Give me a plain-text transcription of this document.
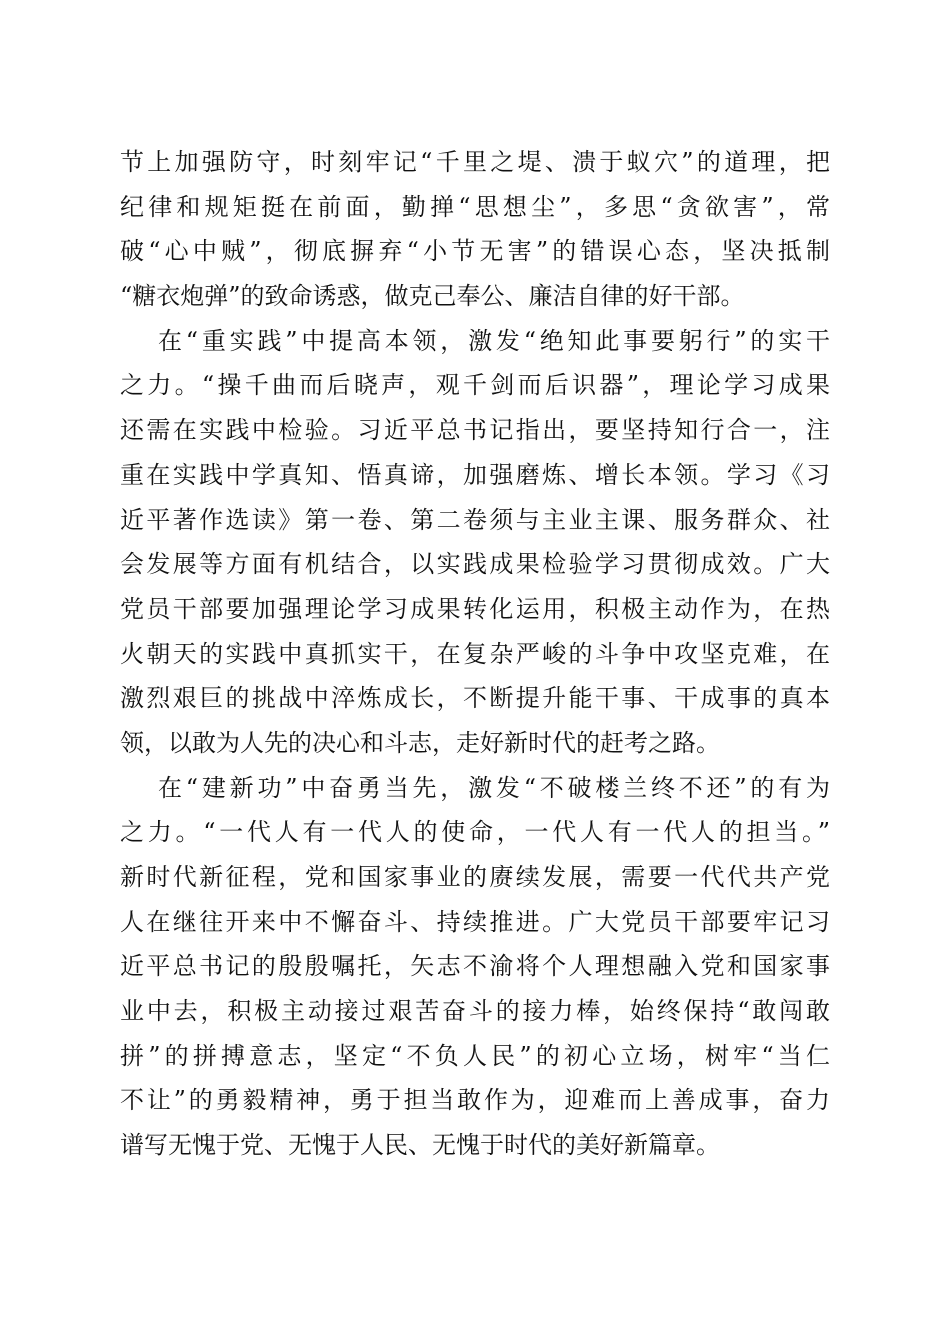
节上加强防守，时刻牢记“千里之堤、溃于蚁穴”的道理，把
纪律和规矩挺在前面，勤掸“思想尘”，多思“贪欲害”，常
破“心中贼”，彻底摒弃“小节无害”的错误心态，坚决抵制
“糖衣炮弹”的致命诱惑，做克己奉公、廉洁自律的好干部。
在“重实践”中提高本领，激发“绝知此事要躬行”的实干
之力。“操千曲而后晓声，观千剑而后识器”，理论学习成果
还需在实践中检验。习近平总书记指出，要坚持知行合一，注
重在实践中学真知、悟真谛，加强磨炼、增长本领。学习《习
近平著作选读》第一卷、第二卷须与主业主课、服务群众、社
会发展等方面有机结合，以实践成果检验学习贯彻成效。广大
党员干部要加强理论学习成果转化运用，积极主动作为，在热
火朝天的实践中真抓实干，在复杂严峻的斗争中攻坚克难，在
激烈艰巨的挑战中淬炼成长，不断提升能干事、干成事的真本
领，以敢为人先的决心和斗志，走好新时代的赶考之路。
在“建新功”中奋勇当先，激发“不破楼兰终不还”的有为
之力。“一代人有一代人的使命，一代人有一代人的担当。”
新时代新征程，党和国家事业的赓续发展，需要一代代共产党
人在继往开来中不懈奋斗、持续推进。广大党员干部要牢记习
近平总书记的殷殷嘱托，矢志不渝将个人理想融入党和国家事
业中去，积极主动接过艰苦奋斗的接力棒，始终保持“敢闯敢
拼”的拼搏意志，坚定“不负人民”的初心立场，树牢“当仁
不让”的勇毅精神，勇于担当敢作为，迎难而上善成事，奋力
谱写无愧于党、无愧于人民、无愧于时代的美好新篇章。
